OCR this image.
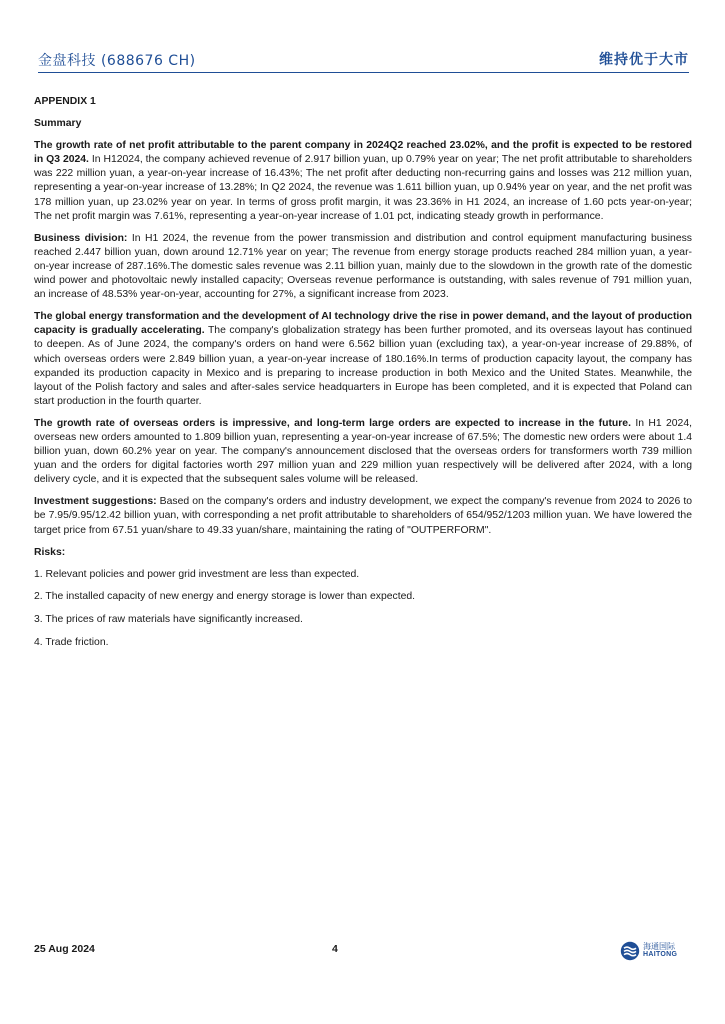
金盘科技 (688676 CH)	维持优于大市
APPENDIX 1
Summary

The growth rate of net profit attributable to the parent company in 2024Q2 reached 23.02%, and the profit is expected to be restored in Q3 2024. In H12024, the company achieved revenue of 2.917 billion yuan, up 0.79% year on year; The net profit attributable to shareholders was 222 million yuan, a year-on-year increase of 16.43%; The net profit after deducting non-recurring gains and losses was 212 million yuan, representing a year-on-year increase of 13.28%; In Q2 2024, the revenue was 1.611 billion yuan, up 0.94% year on year, and the net profit was 178 million yuan, up 23.02% year on year. In terms of gross profit margin, it was 23.36% in H1 2024, an increase of 1.60 pcts year-on-year; The net profit margin was 7.61%, representing a year-on-year increase of 1.01 pct, indicating steady growth in performance.

Business division: In H1 2024, the revenue from the power transmission and distribution and control equipment manufacturing business reached 2.447 billion yuan, down around 12.71% year on year; The revenue from energy storage products reached 284 million yuan, a year-on-year increase of 287.16%.The domestic sales revenue was 2.11 billion yuan, mainly due to the slowdown in the growth rate of the domestic wind power and photovoltaic newly installed capacity; Overseas revenue performance is outstanding, with sales revenue of 791 million yuan, an increase of 48.53% year-on-year, accounting for 27%, a significant increase from 2023.

The global energy transformation and the development of AI technology drive the rise in power demand, and the layout of production capacity is gradually accelerating. The company's globalization strategy has been further promoted, and its overseas layout has continued to deepen. As of June 2024, the company's orders on hand were 6.562 billion yuan (excluding tax), a year-on-year increase of 29.88%, of which overseas orders were 2.849 billion yuan, a year-on-year increase of 180.16%.In terms of production capacity layout, the company has expanded its production capacity in Mexico and is preparing to increase production in both Mexico and the United States. Meanwhile, the layout of the Polish factory and sales and after-sales service headquarters in Europe has been completed, and it is expected that Poland can start production in the fourth quarter.

The growth rate of overseas orders is impressive, and long-term large orders are expected to increase in the future. In H1 2024, overseas new orders amounted to 1.809 billion yuan, representing a year-on-year increase of 67.5%; The domestic new orders were about 1.4 billion yuan, down 60.2% year on year. The company's announcement disclosed that the overseas orders for transformers worth 739 million yuan and the orders for digital factories worth 297 million yuan and 229 million yuan respectively will be delivered after 2024, with a long delivery cycle, and it is expected that the subsequent sales volume will be released.

Investment suggestions: Based on the company's orders and industry development, we expect the company's revenue from 2024 to 2026 to be 7.95/9.95/12.42 billion yuan, with corresponding a net profit attributable to shareholders of 654/952/1203 million yuan. We have lowered the target price from 67.51 yuan/share to 49.33 yuan/share, maintaining the rating of "OUTPERFORM".

Risks:
1. Relevant policies and power grid investment are less than expected.
2. The installed capacity of new energy and energy storage is lower than expected.
3. The prices of raw materials have significantly increased.
4. Trade friction.
25 Aug 2024	4	海通国际
HAITONG
